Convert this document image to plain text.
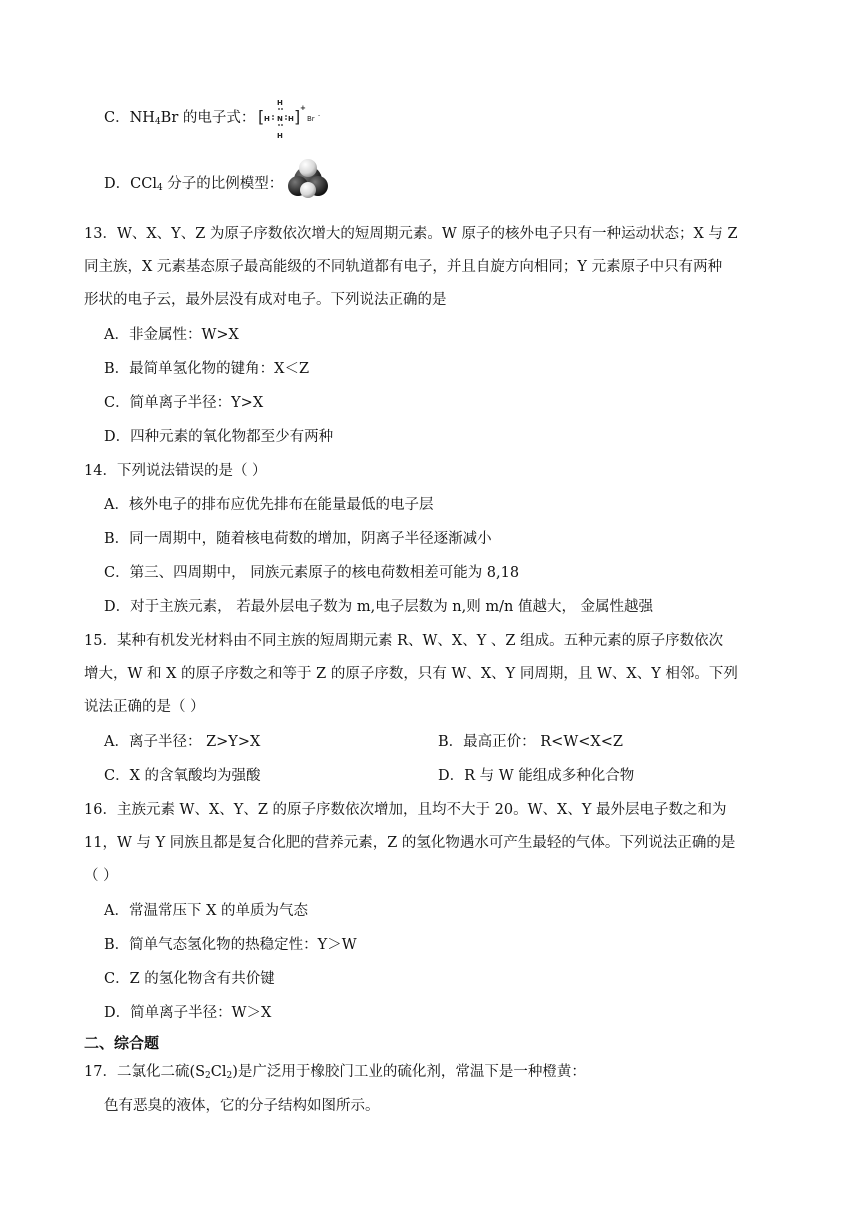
C．$NH_4Br$ 的电子式： [ ]
H
H
H N H
+
Br -
D．CCl$_4$ 分子的比例模型：
13．W、X、Y、Z 为原子序数依次增大的短周期元素。W 原子的核外电子只有一种运动状态；X 与 Z
同主族，X 元素基态原子最高能级的不同轨道都有电子，并且自旋方向相同；Y 元素原子中只有两种
形状的电子云，最外层没有成对电子。下列说法正确的是
A．非金属性：W>X
B．最简单氢化物的键角：X＜Z
C．简单离子半径：Y>X
D．四种元素的氧化物都至少有两种
14．下列说法错误的是（ ）
A．核外电子的排布应优先排布在能量最低的电子层
B．同一周期中，随着核电荷数的增加，阴离子半径逐渐减小
C．第三、四周期中， 同族元素原子的核电荷数相差可能为 8,18
D．对于主族元素， 若最外层电子数为 m,电子层数为 n,则 m/n 值越大， 金属性越强
15．某种有机发光材料由不同主族的短周期元素 R、W、X、Y 、Z 组成。五种元素的原子序数依次
增大，W 和 X 的原子序数之和等于 Z 的原子序数，只有 W、X、Y 同周期，且 W、X、Y 相邻。下列
说法正确的是（ ）
A．离子半径： Z>Y>X	B．最高正价： R<W<X<Z
C．X 的含氧酸均为强酸	D．R 与 W 能组成多种化合物
16．主族元素 W、X、Y、Z 的原子序数依次增加，且均不大于 20。W、X、Y 最外层电子数之和为
11，W 与 Y 同族且都是复合化肥的营养元素，Z 的氢化物遇水可产生最轻的气体。下列说法正确的是
（ ）
A．常温常压下 X 的单质为气态
B．简单气态氢化物的热稳定性：Y＞W
C．Z 的氢化物含有共价键
D．简单离子半径：W＞X
二、综合题
17．二氯化二硫$(S_2Cl_2)$是广泛用于橡胶门工业的硫化剂，常温下是一种橙黄：
色有恶臭的液体，它的分子结构如图所示。
